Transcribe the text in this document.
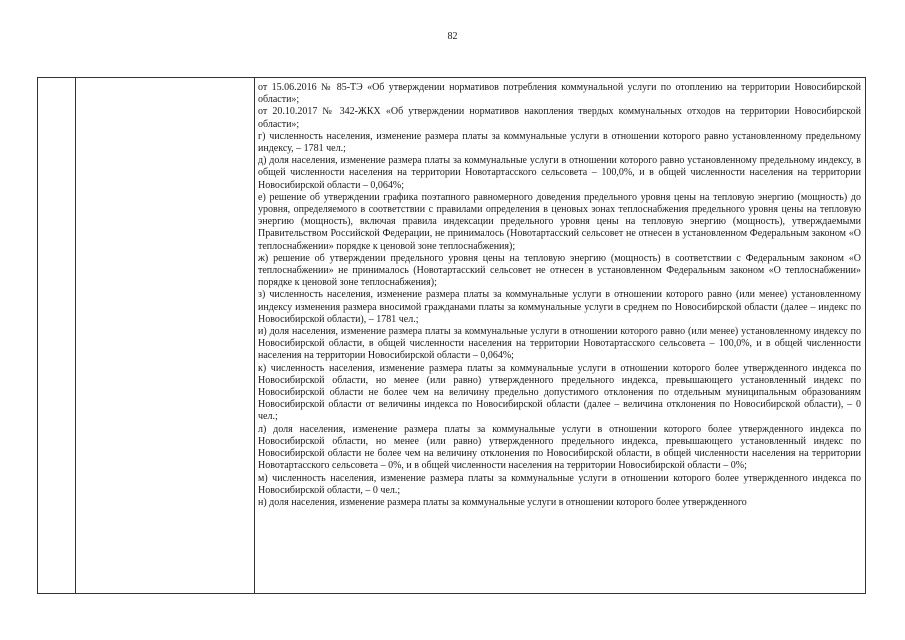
82

от 15.06.2016 № 85-ТЭ «Об утверждении нормативов потребления коммунальной услуги по отоплению на территории Новосибирской области»;

от 20.10.2017 № 342-ЖКХ «Об утверждении нормативов накопления твердых коммунальных отходов на территории Новосибирской области»;

г) численность населения, изменение размера платы за коммунальные услуги в отношении которого равно установленному предельному индексу, – 1781 чел.;

д) доля населения, изменение размера платы за коммунальные услуги в отношении которого равно установленному предельному индексу, в общей численности населения на территории Новотартасского сельсовета – 100,0%, и в общей численности населения на территории Новосибирской области – 0,064%;

е) решение об утверждении графика поэтапного равномерного доведения предельного уровня цены на тепловую энергию (мощность) до уровня, определяемого в соответствии с правилами определения в ценовых зонах теплоснабжения предельного уровня цены на тепловую энергию (мощность), включая правила индексации предельного уровня цены на тепловую энергию (мощность), утверждаемыми Правительством Российской Федерации, не принималось (Новотартасский сельсовет не отнесен в установленном Федеральным законом «О теплоснабжении» порядке к ценовой зоне теплоснабжения);

ж) решение об утверждении предельного уровня цены на тепловую энергию (мощность) в соответствии с Федеральным законом «О теплоснабжении» не принималось (Новотартасский сельсовет не отнесен в установленном Федеральным законом «О теплоснабжении» порядке к ценовой зоне теплоснабжения);

з) численность населения, изменение размера платы за коммунальные услуги в отношении которого равно (или менее) установленному индексу изменения размера вносимой гражданами платы за коммунальные услуги в среднем по Новосибирской области (далее – индекс по Новосибирской области), – 1781 чел.;

и) доля населения, изменение размера платы за коммунальные услуги в отношении которого равно (или менее) установленному индексу по Новосибирской области, в общей численности населения на территории Новотартасского сельсовета – 100,0%, и в общей численности населения на территории Новосибирской области – 0,064%;

к) численность населения, изменение размера платы за коммунальные услуги в отношении которого более утвержденного индекса по Новосибирской области, но менее (или равно) утвержденного предельного индекса, превышающего установленный индекс по Новосибирской области не более чем на величину предельно допустимого отклонения по отдельным муниципальным образованиям Новосибирской области от величины индекса по Новосибирской области (далее – величина отклонения по Новосибирской области), – 0 чел.;

л) доля населения, изменение размера платы за коммунальные услуги в отношении которого более утвержденного индекса по Новосибирской области, но менее (или равно) утвержденного предельного индекса, превышающего установленный индекс по Новосибирской области не более чем на величину отклонения по Новосибирской области, в общей численности населения на территории Новотартасского сельсовета – 0%, и в общей численности населения на территории Новосибирской области – 0%;

м) численность населения, изменение размера платы за коммунальные услуги в отношении которого более утвержденного индекса по Новосибирской области, – 0 чел.;

н) доля населения, изменение размера платы за коммунальные услуги в отношении которого более утвержденного
